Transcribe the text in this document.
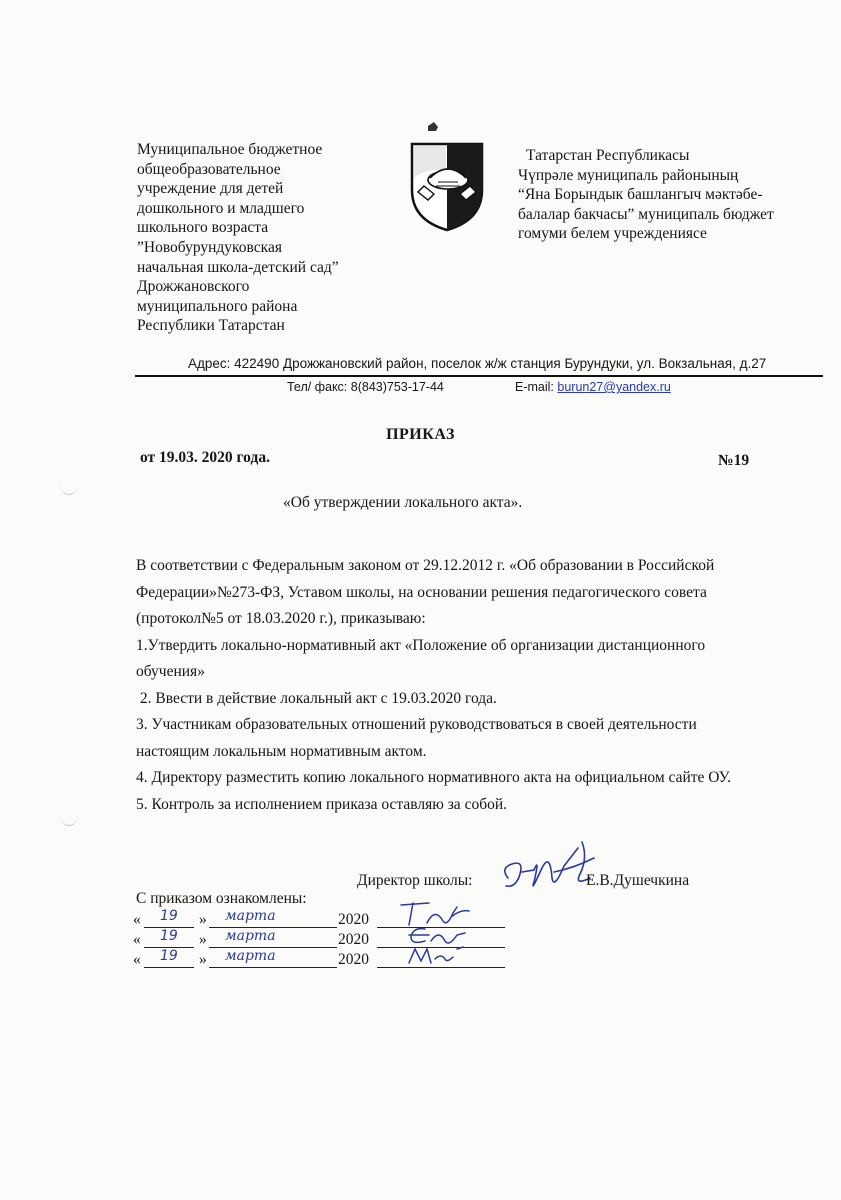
Муниципальное бюджетное
общеобразовательное
учреждение для детей
дошкольного и младшего
школьного возраста
”Новобурундуковская
начальная школа-детский сад”
Дрожжановского
муниципального района
Республики Татарстан
Татарстан Республикасы
Чүпрәле муниципаль районының
“Яна Борындык башлангыч мәктәбе-
балалар бакчасы” муниципаль бюджет
гомуми белем учреждениясе
Адрес: 422490 Дрожжановский район, поселок ж/ж станция Бурундуки, ул. Вокзальная, д.27
Тел/ факс: 8(843)753-17-44	E-mail: burun27@yandex.ru
ПРИКАЗ
от 19.03. 2020 года.	№19
«Об утверждении локального акта».
В соответствии с Федеральным законом от 29.12.2012 г. «Об образовании в Российской
Федерации»№273-ФЗ, Уставом школы, на основании решения педагогического совета
(протокол№5 от 18.03.2020 г.), приказываю:
1.Утвердить локально-нормативный акт «Положение об организации дистанционного
обучения»
2. Ввести в действие локальный акт с 19.03.2020 года.
3. Участникам образовательных отношений руководствоваться в своей деятельности
настоящим локальным нормативным актом.
4. Директору разместить копию локального нормативного акта на официальном сайте ОУ.
5. Контроль за исполнением приказа оставляю за собой.
Директор школы:	Е.В.Душечкина
С приказом ознакомлены:
« 19 » марта	2020
« 19 » марта	2020
« 19 » марта	2020
